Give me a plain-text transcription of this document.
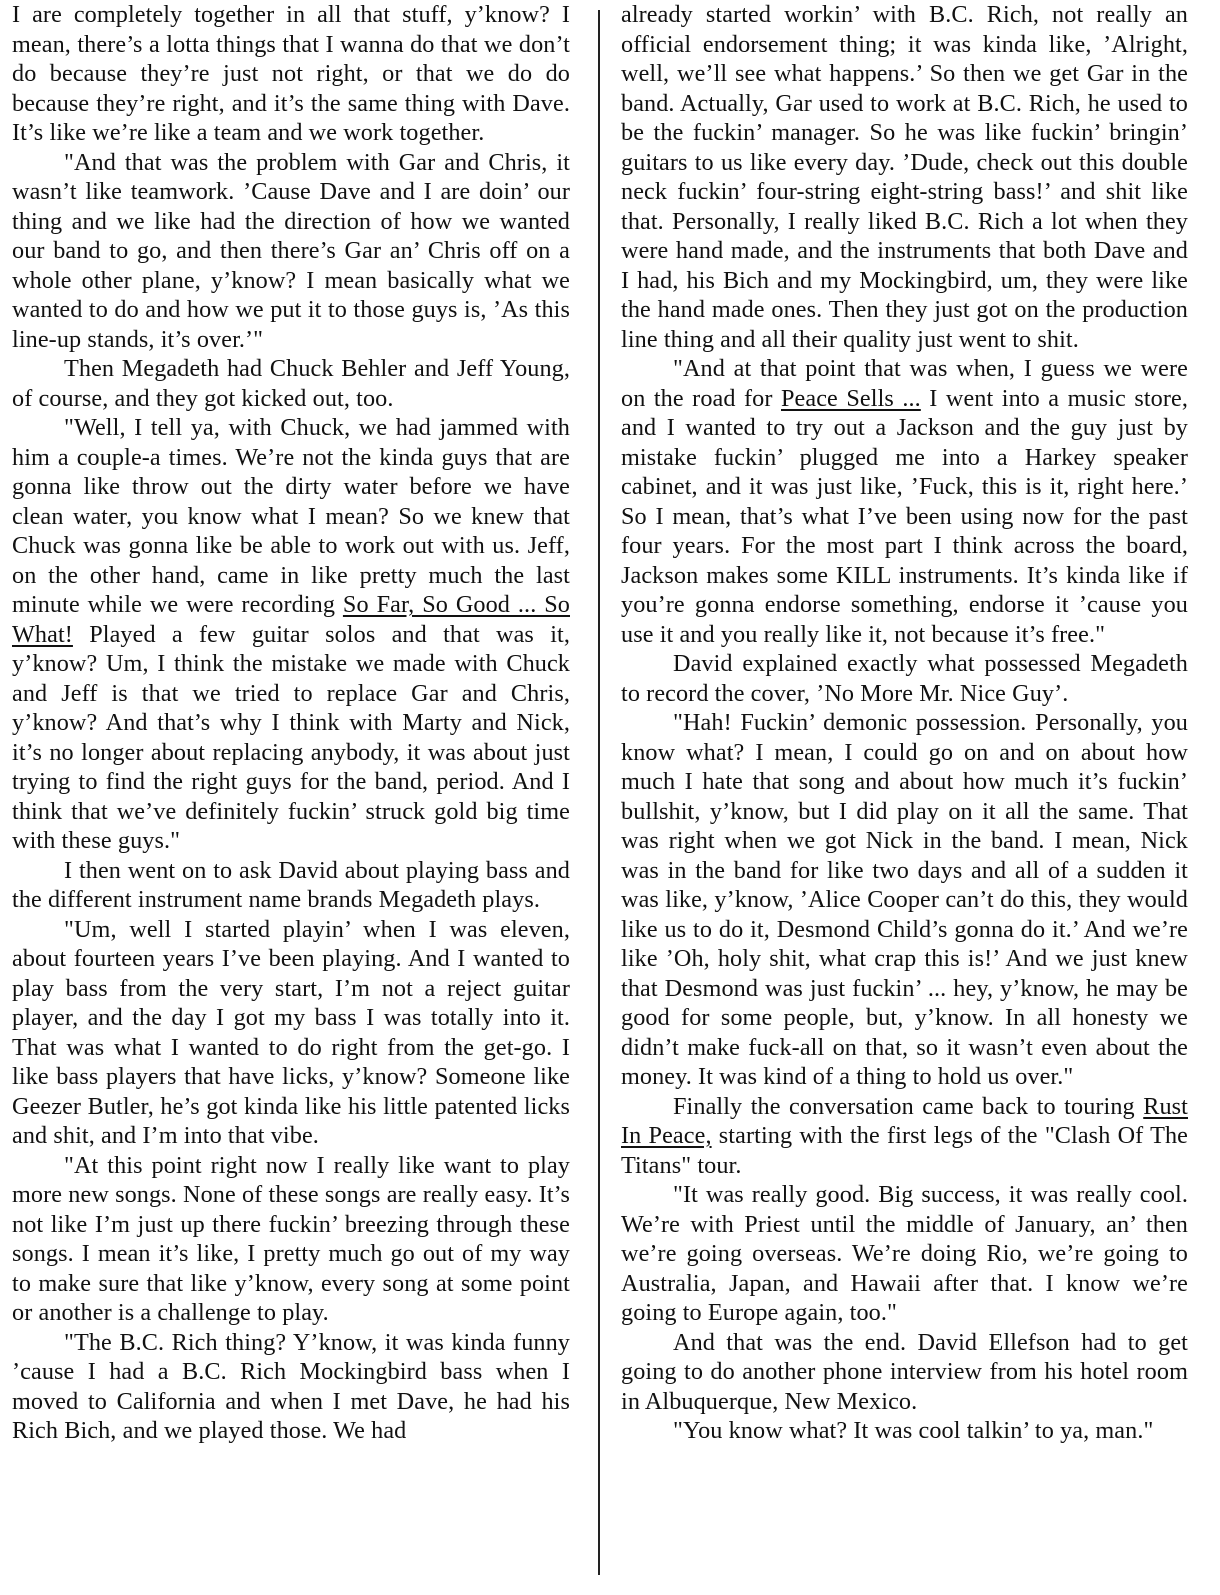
I are completely together in all that stuff, y’know? I mean, there’s a lotta things that I wanna do that we don’t do because they’re just not right, or that we do do because they’re right, and it’s the same thing with Dave. It’s like we’re like a team and we work together.

"And that was the problem with Gar and Chris, it wasn’t like teamwork. ’Cause Dave and I are doin’ our thing and we like had the direction of how we wanted our band to go, and then there’s Gar an’ Chris off on a whole other plane, y’know? I mean basically what we wanted to do and how we put it to those guys is, ’As this line-up stands, it’s over.’"

Then Megadeth had Chuck Behler and Jeff Young, of course, and they got kicked out, too.

"Well, I tell ya, with Chuck, we had jammed with him a couple-a times. We’re not the kinda guys that are gonna like throw out the dirty water before we have clean water, you know what I mean? So we knew that Chuck was gonna like be able to work out with us. Jeff, on the other hand, came in like pretty much the last minute while we were recording So Far, So Good ... So What! Played a few guitar solos and that was it, y’know? Um, I think the mistake we made with Chuck and Jeff is that we tried to replace Gar and Chris, y’know? And that’s why I think with Marty and Nick, it’s no longer about replacing anybody, it was about just trying to find the right guys for the band, period. And I think that we’ve definitely fuckin’ struck gold big time with these guys."

I then went on to ask David about playing bass and the different instrument name brands Megadeth plays.

"Um, well I started playin’ when I was eleven, about fourteen years I’ve been playing. And I wanted to play bass from the very start, I’m not a reject guitar player, and the day I got my bass I was totally into it. That was what I wanted to do right from the get-go. I like bass players that have licks, y’know? Someone like Geezer Butler, he’s got kinda like his little patented licks and shit, and I’m into that vibe.

"At this point right now I really like want to play more new songs. None of these songs are really easy. It’s not like I’m just up there fuckin’ breezing through these songs. I mean it’s like, I pretty much go out of my way to make sure that like y’know, every song at some point or another is a challenge to play.

"The B.C. Rich thing? Y’know, it was kinda funny ’cause I had a B.C. Rich Mockingbird bass when I moved to California and when I met Dave, he had his Rich Bich, and we played those. We had

already started workin’ with B.C. Rich, not really an official endorsement thing; it was kinda like, ’Alright, well, we’ll see what happens.’ So then we get Gar in the band. Actually, Gar used to work at B.C. Rich, he used to be the fuckin’ manager. So he was like fuckin’ bringin’ guitars to us like every day. ’Dude, check out this double neck fuckin’ four-string eight-string bass!’ and shit like that. Personally, I really liked B.C. Rich a lot when they were hand made, and the instruments that both Dave and I had, his Bich and my Mockingbird, um, they were like the hand made ones. Then they just got on the production line thing and all their quality just went to shit.

"And at that point that was when, I guess we were on the road for Peace Sells ... I went into a music store, and I wanted to try out a Jackson and the guy just by mistake fuckin’ plugged me into a Harkey speaker cabinet, and it was just like, ’Fuck, this is it, right here.’ So I mean, that’s what I’ve been using now for the past four years. For the most part I think across the board, Jackson makes some KILL instruments. It’s kinda like if you’re gonna endorse something, endorse it ’cause you use it and you really like it, not because it’s free."

David explained exactly what possessed Megadeth to record the cover, ’No More Mr. Nice Guy’.

"Hah! Fuckin’ demonic possession. Personally, you know what? I mean, I could go on and on about how much I hate that song and about how much it’s fuckin’ bullshit, y’know, but I did play on it all the same. That was right when we got Nick in the band. I mean, Nick was in the band for like two days and all of a sudden it was like, y’know, ’Alice Cooper can’t do this, they would like us to do it, Desmond Child’s gonna do it.’ And we’re like ’Oh, holy shit, what crap this is!’ And we just knew that Desmond was just fuckin’ ... hey, y’know, he may be good for some people, but, y’know. In all honesty we didn’t make fuck-all on that, so it wasn’t even about the money. It was kind of a thing to hold us over."

Finally the conversation came back to touring Rust In Peace, starting with the first legs of the "Clash Of The Titans" tour.

"It was really good. Big success, it was really cool. We’re with Priest until the middle of January, an’ then we’re going overseas. We’re doing Rio, we’re going to Australia, Japan, and Hawaii after that. I know we’re going to Europe again, too."

And that was the end. David Ellefson had to get going to do another phone interview from his hotel room in Albuquerque, New Mexico.

"You know what? It was cool talkin’ to ya, man."
